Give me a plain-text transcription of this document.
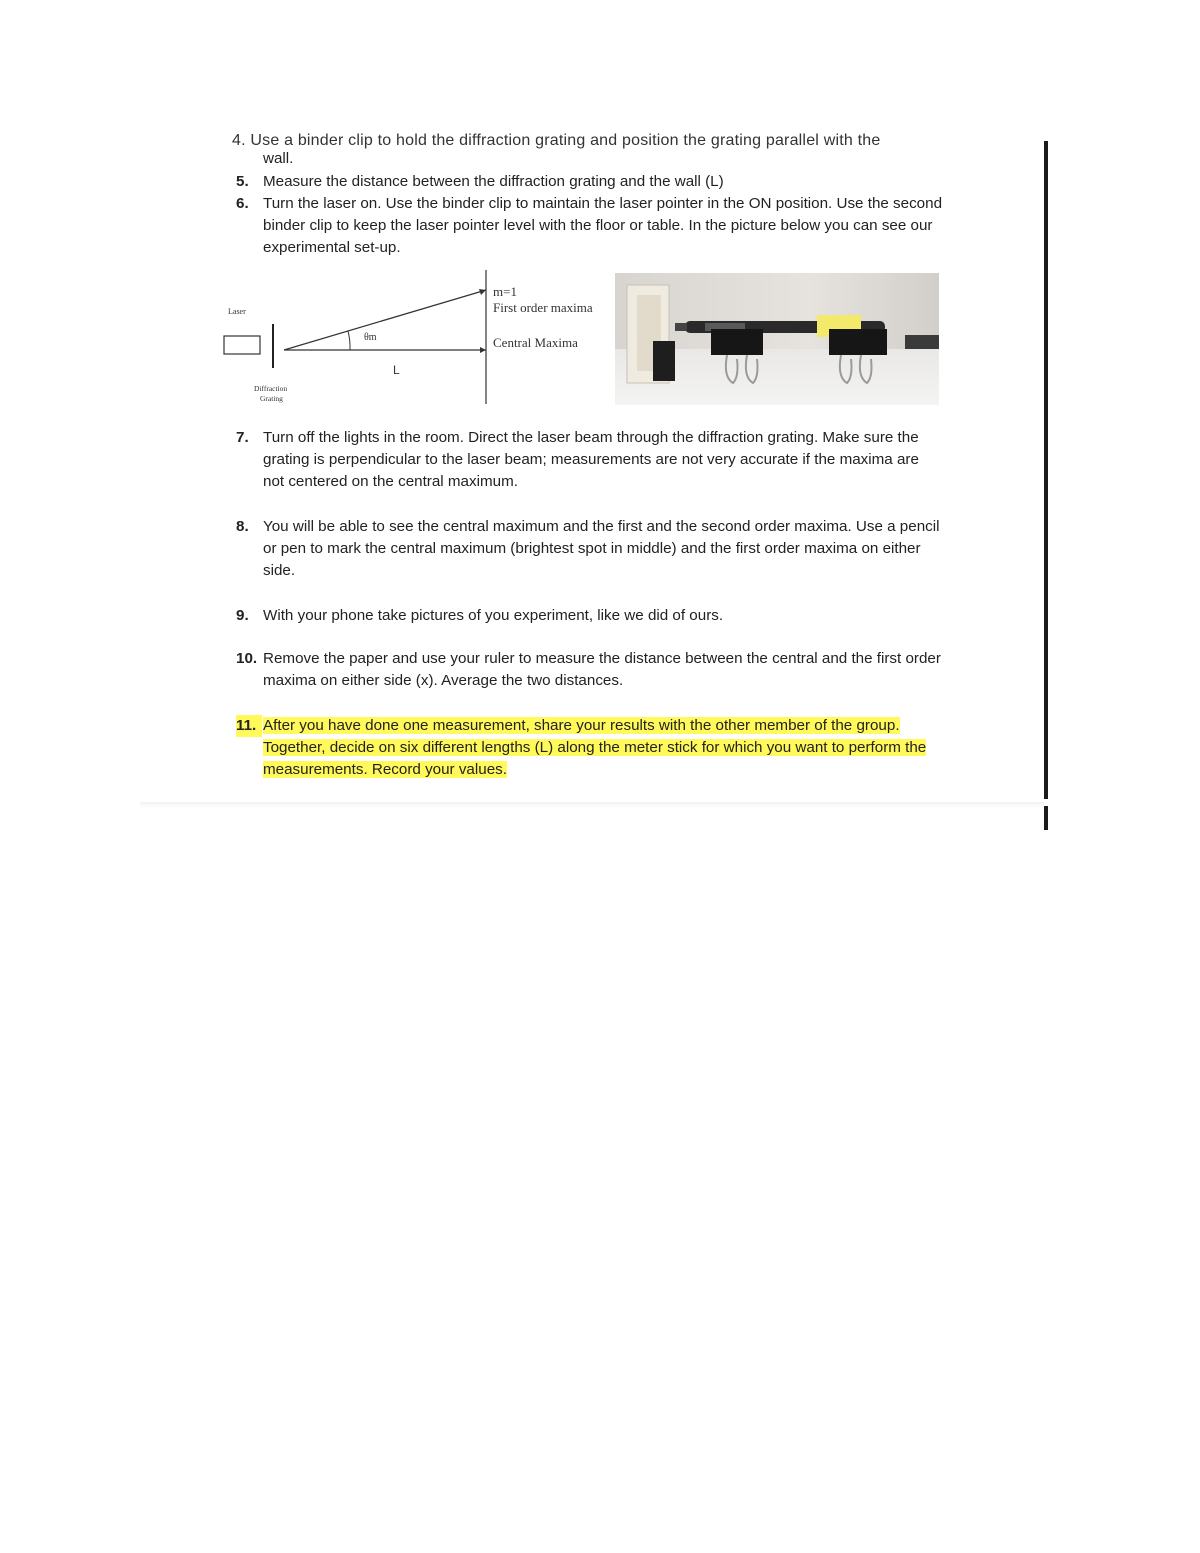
4. Use a binder clip to hold the diffraction grating and position the grating parallel with the
wall.
5. Measure the distance between the diffraction grating and the wall (L)
6. Turn the laser on. Use the binder clip to maintain the laser pointer in the ON position. Use the second binder clip to keep the laser pointer level with the floor or table. In the picture below you can see our experimental set-up.
Laser
θm
L
Diffraction
Grating
m=1
First order maxima
Central Maxima
7. Turn off the lights in the room. Direct the laser beam through the diffraction grating. Make sure the grating is perpendicular to the laser beam; measurements are not very accurate if the maxima are not centered on the central maximum.
8. You will be able to see the central maximum and the first and the second order maxima. Use a pencil or pen to mark the central maximum (brightest spot in middle) and the first order maxima on either side.
9. With your phone take pictures of you experiment, like we did of ours.
10. Remove the paper and use your ruler to measure the distance between the central and the first order maxima on either side (x). Average the two distances.
11. After you have done one measurement, share your results with the other member of the group. Together, decide on six different lengths (L) along the meter stick for which you want to perform the measurements. Record your values.
